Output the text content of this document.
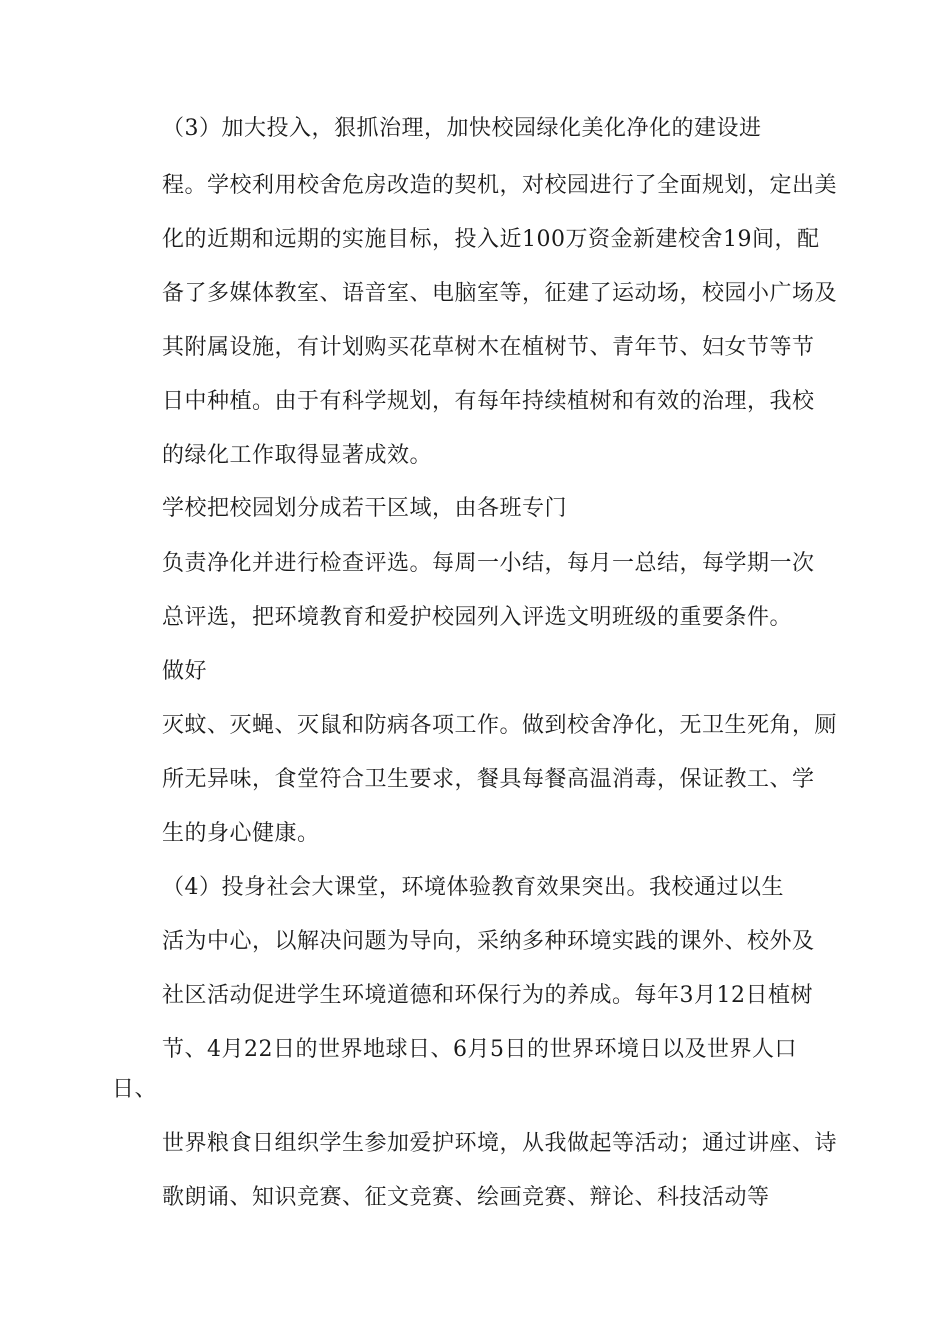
（3）加大投入，狠抓治理，加快校园绿化美化净化的建设进
程。学校利用校舍危房改造的契机，对校园进行了全面规划，定出美
化的近期和远期的实施目标，投入近100万资金新建校舍19间，配
备了多媒体教室、语音室、电脑室等，征建了运动场，校园小广场及
其附属设施，有计划购买花草树木在植树节、青年节、妇女节等节
日中种植。由于有科学规划，有每年持续植树和有效的治理，我校
的绿化工作取得显著成效。
学校把校园划分成若干区域，由各班专门
负责净化并进行检查评选。每周一小结，每月一总结，每学期一次
总评选，把环境教育和爱护校园列入评选文明班级的重要条件。
做好
灭蚊、灭蝇、灭鼠和防病各项工作。做到校舍净化，无卫生死角，厕
所无异味，食堂符合卫生要求，餐具每餐高温消毒，保证教工、学
生的身心健康。
（4）投身社会大课堂，环境体验教育效果突出。我校通过以生
活为中心，以解决问题为导向，采纳多种环境实践的课外、校外及
社区活动促进学生环境道德和环保行为的养成。每年3月12日植树
节、4月22日的世界地球日、6月5日的世界环境日以及世界人口
日、
世界粮食日组织学生参加爱护环境，从我做起等活动；通过讲座、诗
歌朗诵、知识竞赛、征文竞赛、绘画竞赛、辩论、科技活动等
